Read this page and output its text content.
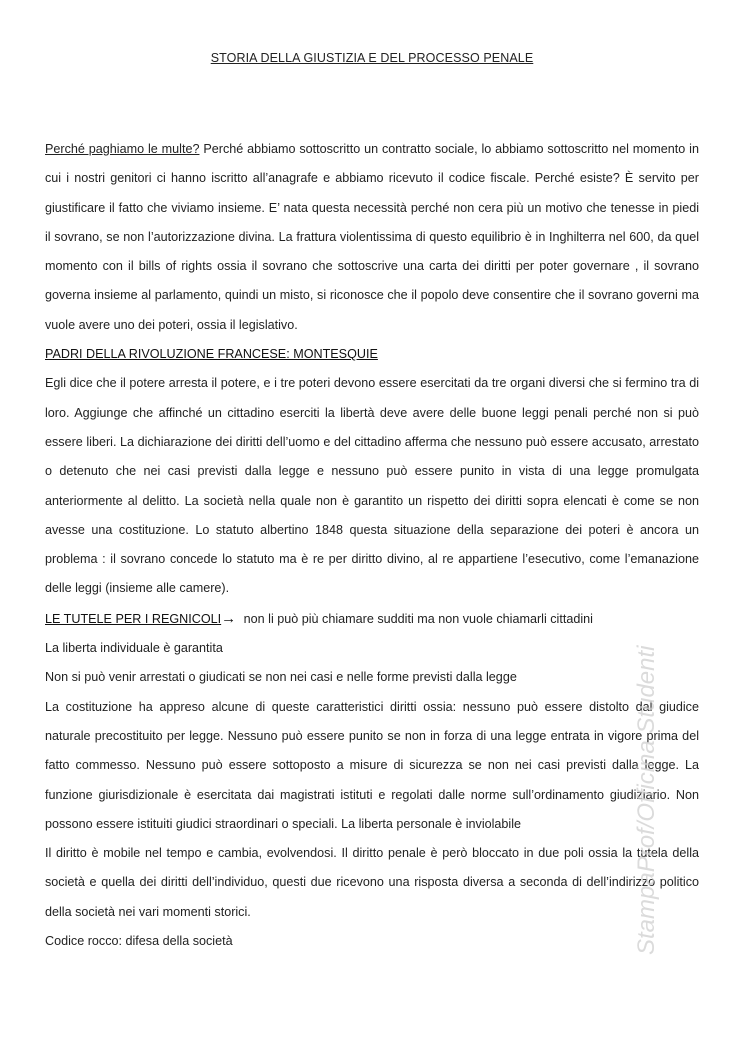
STORIA DELLA GIUSTIZIA E DEL PROCESSO PENALE

Perché paghiamo le multe? Perché abbiamo sottoscritto un contratto sociale, lo abbiamo sottoscritto nel momento in cui i nostri genitori ci hanno iscritto all’anagrafe e abbiamo ricevuto il codice fiscale. Perché esiste? È servito per giustificare il fatto che viviamo insieme. E’ nata questa necessità perché non cera più un motivo che tenesse in piedi il sovrano, se non l’autorizzazione divina. La frattura violentissima di questo equilibrio è in Inghilterra nel 600, da quel momento con il bills of rights ossia il sovrano che sottoscrive una carta dei diritti per poter governare , il sovrano governa insieme al parlamento, quindi un misto, si riconosce che il popolo deve consentire che il sovrano governi ma vuole avere uno dei poteri, ossia il legislativo.

PADRI DELLA RIVOLUZIONE FRANCESE: MONTESQUIE

Egli dice che il potere arresta il potere, e i tre poteri devono essere esercitati da tre organi diversi che si fermino tra di loro. Aggiunge che affinché un cittadino eserciti la libertà deve avere delle buone leggi penali perché non si può essere liberi. La dichiarazione dei diritti dell’uomo e del cittadino afferma che nessuno può essere accusato, arrestato o detenuto che nei casi previsti dalla legge e nessuno può essere punito in vista di una legge promulgata anteriormente al delitto. La società nella quale non è garantito un rispetto dei diritti sopra elencati è come se non avesse una costituzione. Lo statuto albertino 1848 questa situazione della separazione dei poteri è ancora un problema : il sovrano concede lo statuto ma è re per diritto divino, al re appartiene l’esecutivo, come l’emanazione delle leggi (insieme alle camere).

LE TUTELE PER I REGNICOLI→ non li può più chiamare sudditi ma non vuole chiamarli cittadini

La liberta individuale è garantita

Non si può venir arrestati o giudicati se non nei casi e nelle forme previsti dalla legge

La costituzione ha appreso alcune di queste caratteristici diritti ossia: nessuno può essere distolto dal giudice naturale precostituito per legge. Nessuno può essere punito se non in forza di una legge entrata in vigore prima del fatto commesso. Nessuno può essere sottoposto a misure di sicurezza se non nei casi previsti dalla legge. La funzione giurisdizionale è esercitata dai magistrati istituti e regolati dalle norme sull’ordinamento giudiziario. Non possono essere istituiti giudici straordinari o speciali. La liberta personale è inviolabile

Il diritto è mobile nel tempo e cambia, evolvendosi. Il diritto penale è però bloccato in due poli ossia la tutela della società e quella dei diritti dell’individuo, questi due ricevono una risposta diversa a seconda di dell’indirizzo politico della società nei vari momenti storici.

Codice rocco: difesa della società	StampaProf/Officina Studenti
